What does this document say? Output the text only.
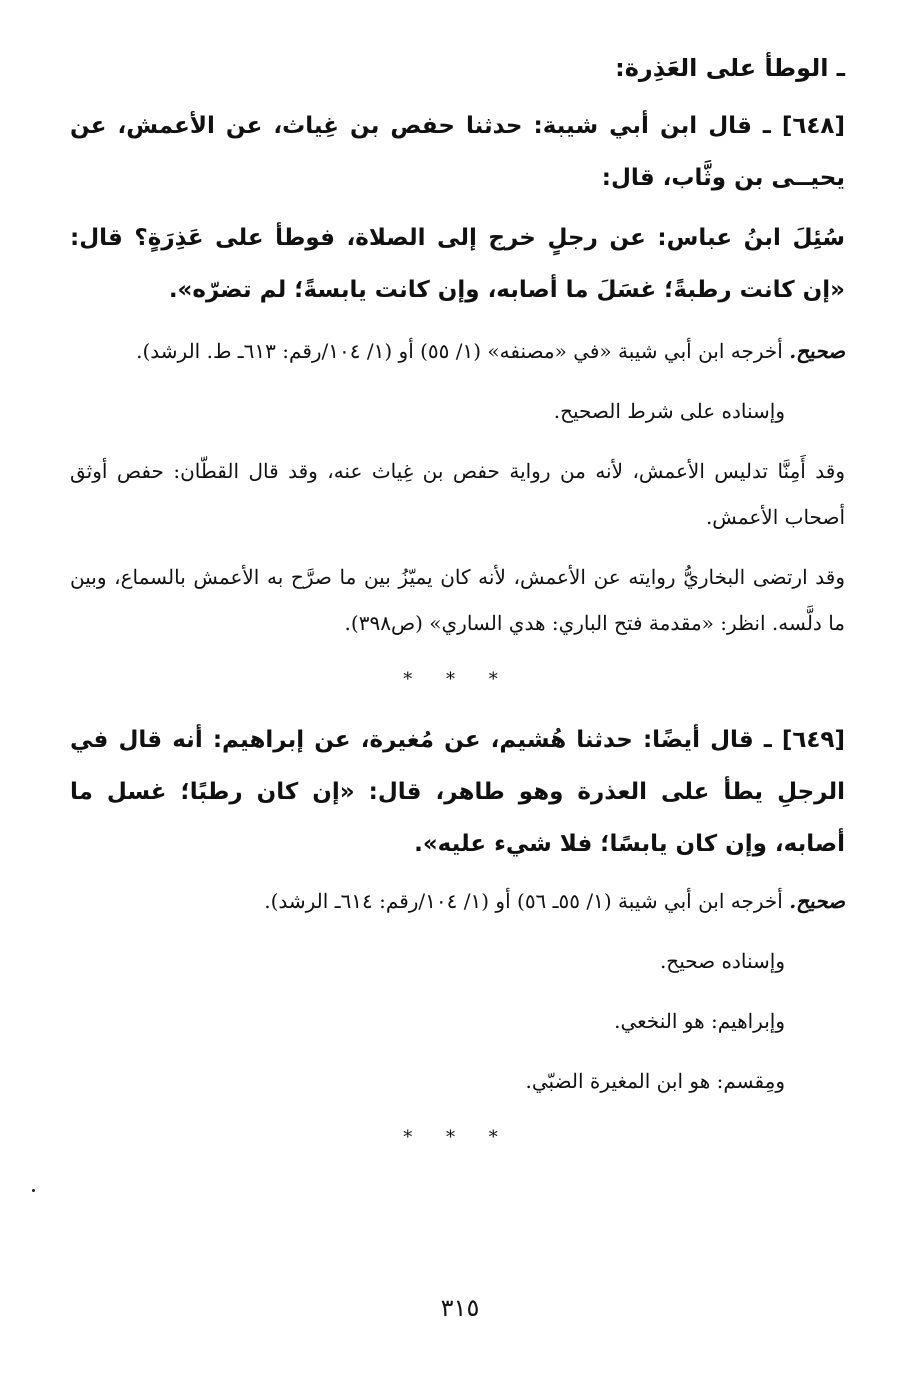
ـ الوطأ على العَذِرة:

[٦٤٨] ـ قال ابن أبي شيبة: حدثنا حفص بن غِياث، عن الأعمش، عن يحيــى بن وثَّاب، قال:

سُئِلَ ابنُ عباس: عن رجلٍ خرج إلى الصلاة، فوطأ على عَذِرَةٍ؟ قال: «إن كانت رطبةً؛ غسَلَ ما أصابه، وإن كانت يابسةً؛ لم تضرّه».

صحيح. أخرجه ابن أبي شيبة «في «مصنفه» (١/ ٥٥) أو (١/ ١٠٤/رقم: ٦١٣ـ ط. الرشد).

وإسناده على شرط الصحيح.

وقد أَمِنَّا تدليس الأعمش، لأنه من رواية حفص بن غِياث عنه، وقد قال القطّان: حفص أوثق أصحاب الأعمش.

وقد ارتضى البخاريُّ روايته عن الأعمش، لأنه كان يميّزُ بين ما صرَّح به الأعمش بالسماع، وبين ما دلَّسه. انظر: «مقدمة فتح الباري: هدي الساري» (ص٣٩٨).

* * *

[٦٤٩] ـ قال أيضًا: حدثنا هُشيم، عن مُغيرة، عن إبراهيم: أنه قال في الرجلِ يطأ على العذرة وهو طاهر، قال: «إن كان رطبًا؛ غسل ما أصابه، وإن كان يابسًا؛ فلا شيء عليه».

صحيح. أخرجه ابن أبي شيبة (١/ ٥٥ـ ٥٦) أو (١/ ١٠٤/رقم: ٦١٤ـ الرشد).

وإسناده صحيح.

وإبراهيم: هو النخعي.

ومِقسم: هو ابن المغيرة الضبّي.

* * *
٣١٥
